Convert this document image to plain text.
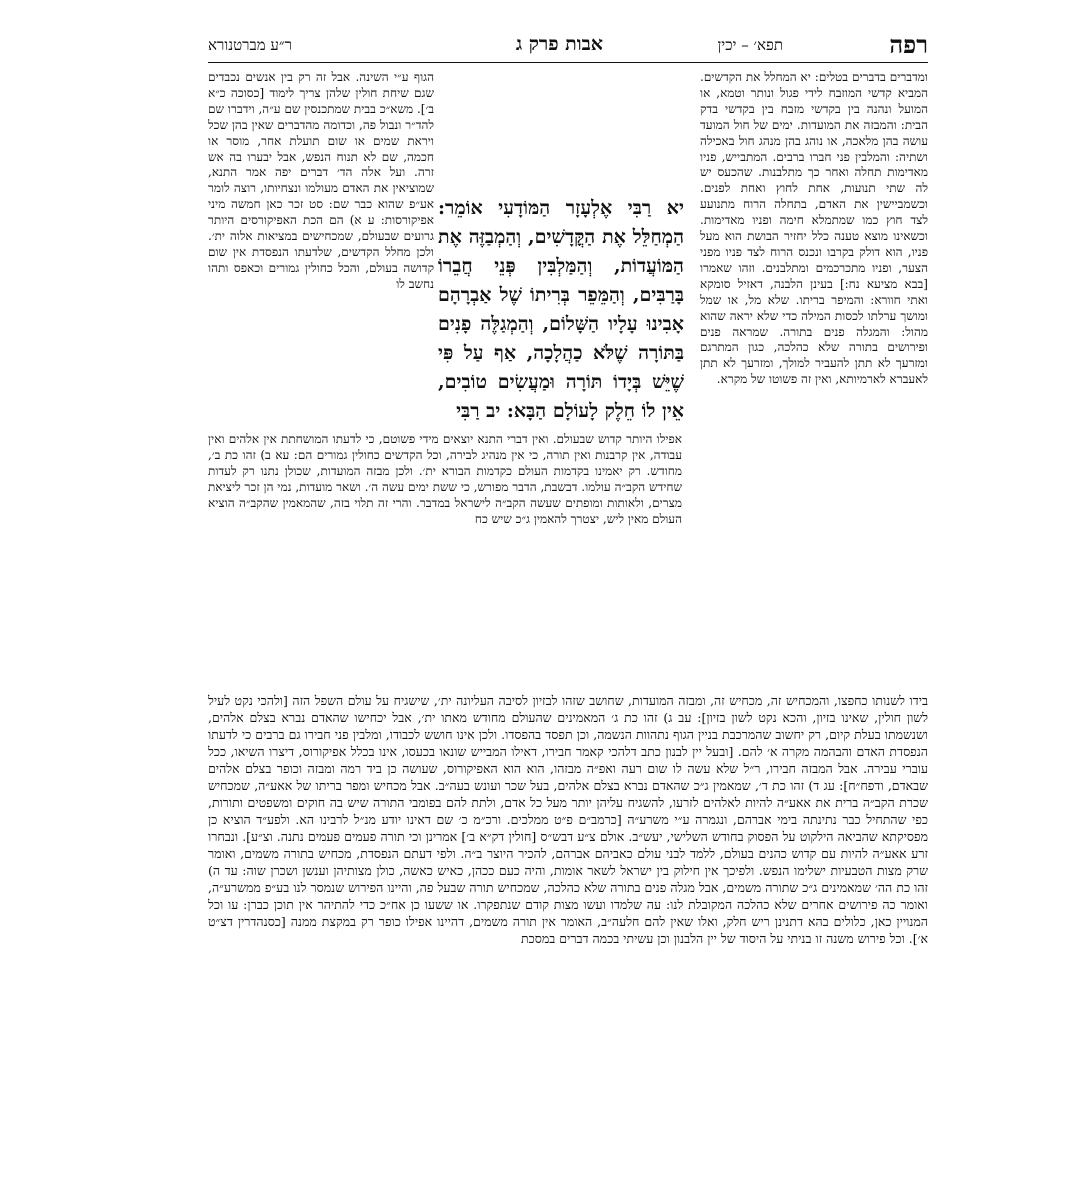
רפה
תפא׳ – יכין
אבות פרק ג
ר״ע מברטנורא

ומדברים בדברים בטלים: יא המחלל את הקדשים. המביא קדשי המוזבח לידי פגול ונותר וטמא, או המועל ונהנה בין בקדשי מזבח בין בקדשי בדק הבית: והמבזה את המועדות. ימים של חול המועד עושה בהן מלאכה, או נוהג בהן מנהג חול באכילה ושתיה: והמלבין פני חברו ברבים. המתבייש, פניו מאדימות תחלה ואחר כך מתלבנות. שהכעס יש לה שתי תנועות, אחת לחוץ ואחת לפנים. וכשמביישין את האדם, בתחלה הרוח מתנועע לצד חוץ כמו שמתמלא חימה ופניו מאדימות. וכשאינו מוצא טענה כלל יחזיר הבושת הוא מעל פניו, הוא דולק בקרבו ונכנס הרוח לצד פניו מפני הצער, ופניו מתכרכמים ומתלבנים. וזהו שאמרו [בבא מציעא נח:] בעינן הלבנה, דאזיל סומקא ואתי חוורא: והמיפר בריתו. שלא מל, או שמל ומושך ערלתו לכסות המילה כדי שלא יראה שהוא מהול: והמגלה פנים בתורה. שמראה פנים ופירושים בתורה שלא כהלכה, כגון המתרגם ומזרעך לא תתן להעביר למולך, ומזרעך לא תתן לאעברא לארמיותא, ואין זה פשוטו של מקרא.

הגוף ע״י השינה. אבל זה רק בין אנשים נכבדים שגם שיחת חולין שלהן צריך לימוד [כסוכה כ״א ב׳]. משא״כ בבית שמתכנסין שם ע״ה, וידברו שם להד״ר ונבול פה, וכדומה מהדברים שאין בהן שכל ויראת שמים או שום תועלת אחר, מוסר או חכמה, שם לא תנוח הנפש, אבל יבערו בה אש זרה. ועל אלה הד׳ דברים יפה אמר התנא, שמוציאין את האדם מעולמו ונצחיותו, רוצה לומר אע״פ שהוא כבר שם: סט זכר כאן חמשה מיני אפיקורסות: ע א) הם הכת האפיקורסים היותר גרועים שבעולם, שמכחישים במציאות אלוה ית׳. ולכן מחלל הקדשים, שלדעתו הנפסדת אין שום קדושה בעולם, והכל כחולין גמורים וכאפס ותהו נחשב לו

יא רַבִּי אֶלְעָזָר הַמּוֹדָעִי אוֹמֵר: הַמְחַלֵּל אֶת הַקֳּדָשִׁים, וְהַמְבַזֶּה אֶת הַמּוֹעֲדוֹת, וְהַמַּלְבִּין פְּנֵי חֲבֵרוֹ בָּרַבִּים, וְהַמֵּפֵר בְּרִיתוֹ שֶׁל אַבְרָהָם אָבִינוּ עָלָיו הַשָּׁלוֹם, וְהַמְגַלֶּה פָנִים בַּתּוֹרָה שֶׁלֹּא כַהֲלָכָה, אַף עַל פִּי שֶׁיֵּשׁ בְּיָדוֹ תּוֹרָה וּמַעֲשִׂים טוֹבִים, אֵין לוֹ חֵלֶק לָעוֹלָם הַבָּא: יב רַבִּי

אפילו היותר קדוש שבעולם. ואין דברי התנא יוצאים מידי פשוטם, כי לדעתו המושחתת אין אלהים ואין עבודה, אין קרבנות ואין תורה, כי אין מנהיג לבירה, וכל הקדשים כחולין גמורים הם: עא ב) זהו כת ב׳, מחודש. רק יאמינו בקדמות העולם כקדמות הבורא ית׳. ולכן מבזה המועדות, שכולן נתנו רק לעדות שחידש הקב״ה עולמו. דבשבת, הדבר מפורש, כי ששת ימים עשה ה׳. ושאר מועדות, נמי הן זכר ליציאת מצרים, ולאותות ומופתים שעשה הקב״ה לישראל במדבר. והרי זה תלוי בזה, שהמאמין שהקב״ה הוציא העולם מאין ליש, יצטרך להאמין ג״כ שיש כח

בידו לשנותו כחפצו, והמכחיש זה, מכחיש זה, ומבזה המועדות, שחושב שזהו לבזיון לסיבה העליונה ית׳, שישגיח על עולם השפל הזה [ולהכי נקט לעיל לשון חולין, שאינו בזיון, והכא נקט לשון בזיון]: עב ג) זהו כת ג׳ המאמינים שהעולם מחודש מאתו ית׳, אבל יכחישו שהאדם נברא בצלם אלהים, ושנשמתו בעלת קיום, רק יחשוב שהמרכבת בניין הגוף נתהוות הנשמה, וכן תפסד בהפסדו. ולכן אינו חושש לכבודו, ומלבין פני חבירו גם ברבים כי לדעתו הנפסדת האדם והבהמה מקרה א׳ להם. [ובעל יין לבנון כתב דלהכי קאמר חבירו, דאילו המבייש שונאו בכעסו, אינו בכלל אפיקורוס, דיצרו השיאו, ככל עוברי עבירה. אבל המבזה חבירו, ר״ל שלא עשה לו שום רעה ואפ״ה מבזהו, הוא הוא האפיקורוס, שעושה כן ביד רמה ומבזה וכופר בצלם אלהים שבאדם, ודפח״ח]: עג ד) זהו כת ד׳, שמאמין ג״כ שהאדם נברא בצלם אלהים, בעל שכר ועונש בעה״ב. אבל מכחיש ומפר בריתו של אאע״ה, שמכחיש שכרת הקב״ה ברית את אאע״ה להיות לאלהים לזרעו, להשגיח עליהן יותר מעל כל אדם, ולתת להם בפומבי התורה שיש בה חוקים ומשפטים ותורות, כפי שהתחיל כבר נתינתה בימי אברהם, ונגמרה ע״י משרע״ה [כרמב״ם פ״ט ממלכים. ורכ״מ כ׳ שם דאינו יודע מנ״ל לרבינו הא. ולפע״ד הוציא כן מפסיקתא שהביאה הילקוט על הפסוק בחודש השלישי, יעש״ב. אולם צ״ע דבש״ס [חולין דק״א ב׳] אמרינן וכי תורה פעמים פעמים נתנה. וצ״ע]. ונבחרו זרע אאע״ה להיות עם קדוש כהנים בעולם, ללמד לבני עולם כאביהם אברהם, להכיר היוצר ב״ה. ולפי דעתם הנפסדת, מכחיש בתורה משמים, ואומר שרק מצות הטבעיות ישלימו הנפש. ולפיכך אין חילוק בין ישראל לשאר אומות, והיה כעם ככהן, כאיש כאשה, כולן מצותיהן וענשן ושכרן שוה: עד ה) זהו כת הה׳ שמאמינים ג״כ שתורה משמים, אבל מגלה פנים בתורה שלא כהלכה, שמכחיש תורה שבעל פה, והיינו הפירוש שנמסר לנו בע״פ ממשרע״ה, ואומר כה פירושים אחרים שלא כהלכה המקובלת לנו: עה שלמדו ועשו מצות קודם שנתפקרו. או ששעו כן אח״כ כדי להתיהר אין תוכן כברן: עו וכל המנויין כאן, כלולים בהא דתנינן ריש חלק, ואלו שאין להם חלעה״ב, האומר אין תורה משמים, דהיינו אפילו כופר רק במקצת ממנה [כסנהדרין דצ״ט א׳]. וכל פירוש משנה זו בניתי על היסוד של יין הלבנון וכן עשיתי בכמה דברים במסכת
